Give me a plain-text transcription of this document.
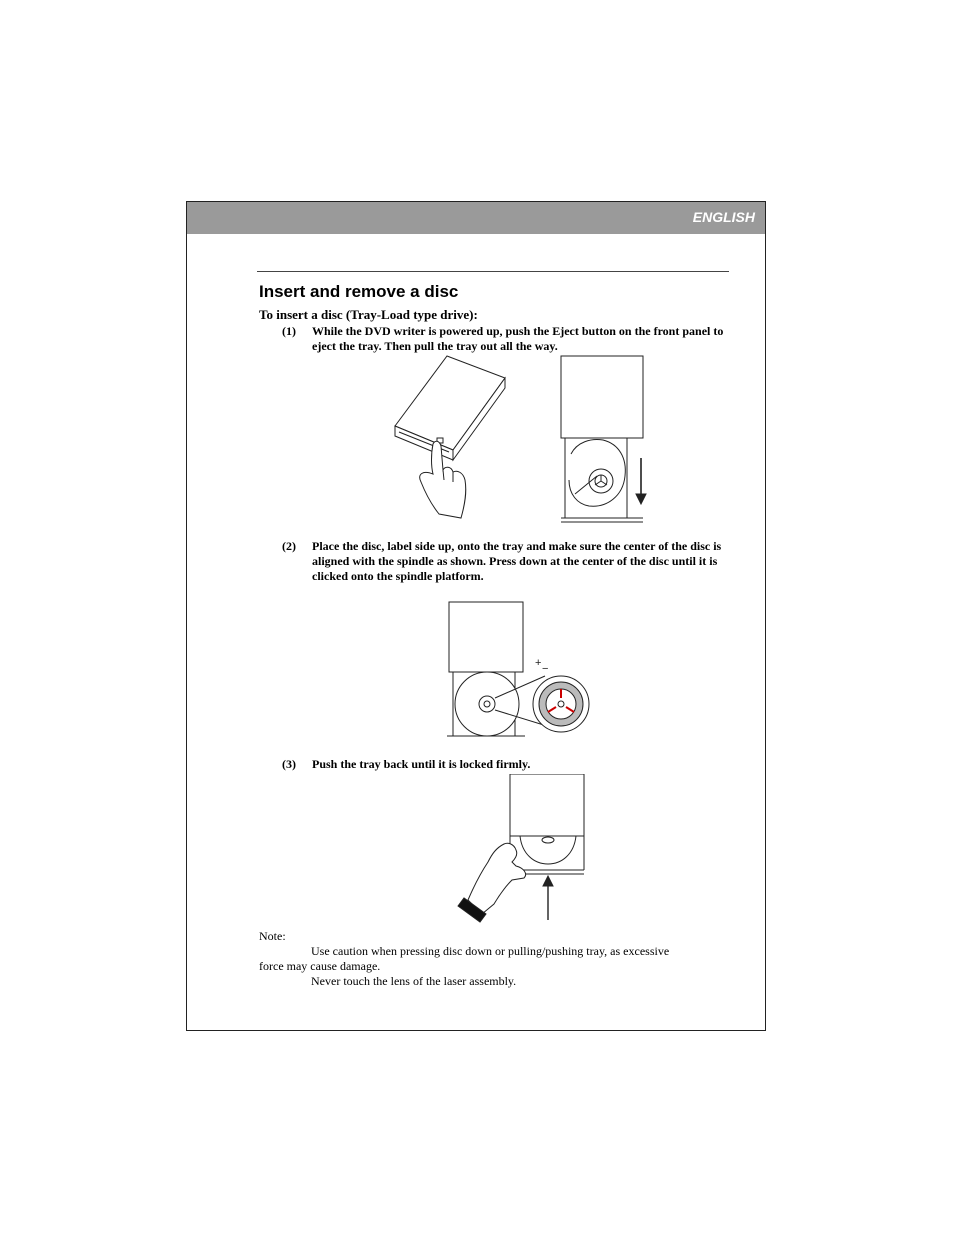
ENGLISH
Insert and remove a disc
To insert a disc (Tray-Load type drive):
(1) While the DVD writer is powered up, push the Eject button on the front panel to eject the tray. Then pull the tray out all the way.
(2) Place the disc, label side up, onto the tray and make sure the center of the disc is aligned with the spindle as shown. Press down at the center of the disc until it is clicked onto the spindle platform.
+ −
(3) Push the tray back until it is locked firmly.
Note:
Use caution when pressing disc down or pulling/pushing tray, as excessive
force may cause damage.
Never touch the lens of the laser assembly.
